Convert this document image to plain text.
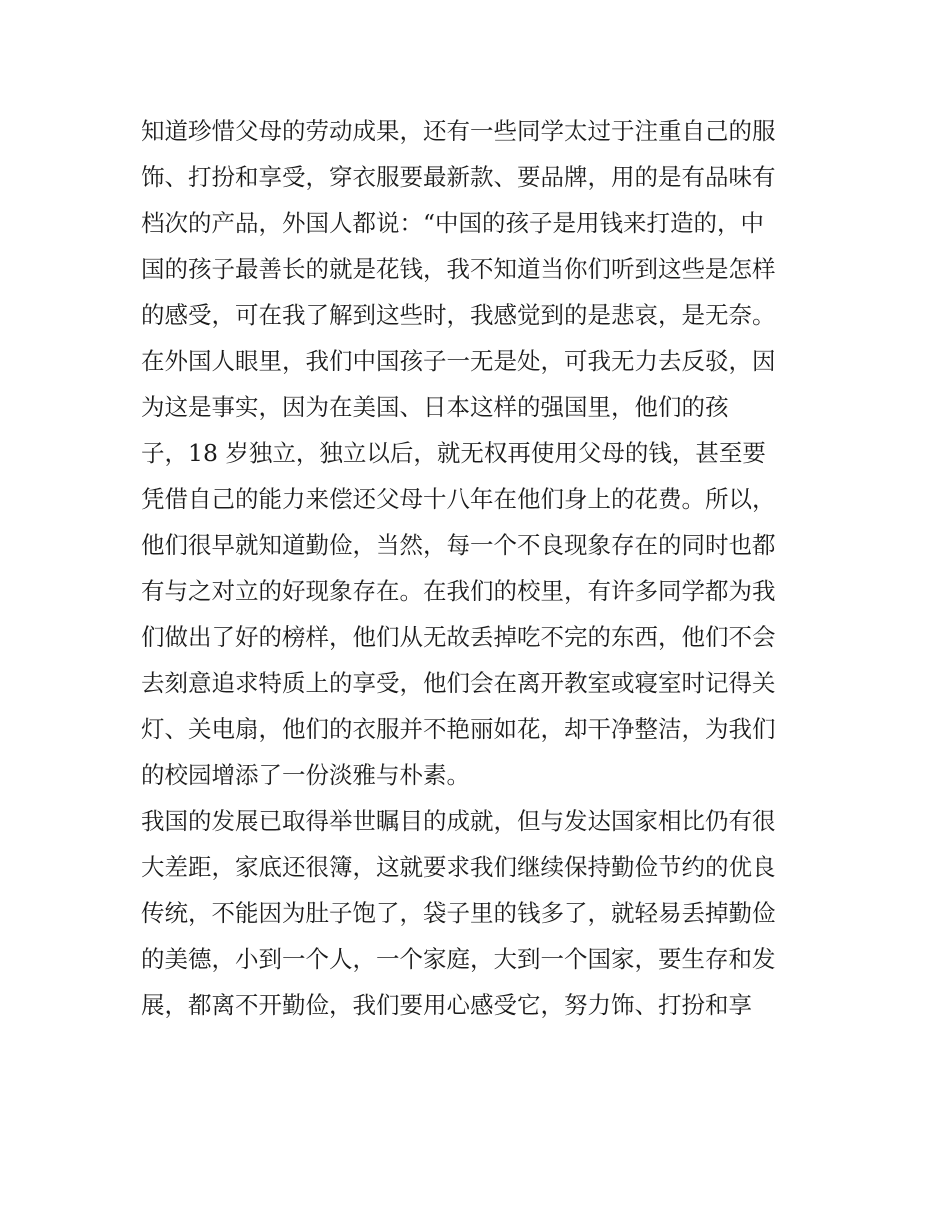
知道珍惜父母的劳动成果，还有一些同学太过于注重自己的服
饰、打扮和享受，穿衣服要最新款、要品牌，用的是有品味有
档次的产品，外国人都说：“中国的孩子是用钱来打造的，中
国的孩子最善长的就是花钱，我不知道当你们听到这些是怎样
的感受，可在我了解到这些时，我感觉到的是悲哀，是无奈。
在外国人眼里，我们中国孩子一无是处，可我无力去反驳，因
为这是事实，因为在美国、日本这样的强国里，他们的孩
子，18 岁独立，独立以后，就无权再使用父母的钱，甚至要
凭借自己的能力来偿还父母十八年在他们身上的花费。所以，
他们很早就知道勤俭，当然，每一个不良现象存在的同时也都
有与之对立的好现象存在。在我们的校里，有许多同学都为我
们做出了好的榜样，他们从无故丢掉吃不完的东西，他们不会
去刻意追求特质上的享受，他们会在离开教室或寝室时记得关
灯、关电扇，他们的衣服并不艳丽如花，却干净整洁，为我们
的校园增添了一份淡雅与朴素。
我国的发展已取得举世瞩目的成就，但与发达国家相比仍有很
大差距，家底还很簿，这就要求我们继续保持勤俭节约的优良
传统，不能因为肚子饱了，袋子里的钱多了，就轻易丢掉勤俭
的美德，小到一个人，一个家庭，大到一个国家，要生存和发
展，都离不开勤俭，我们要用心感受它，努力饰、打扮和享
